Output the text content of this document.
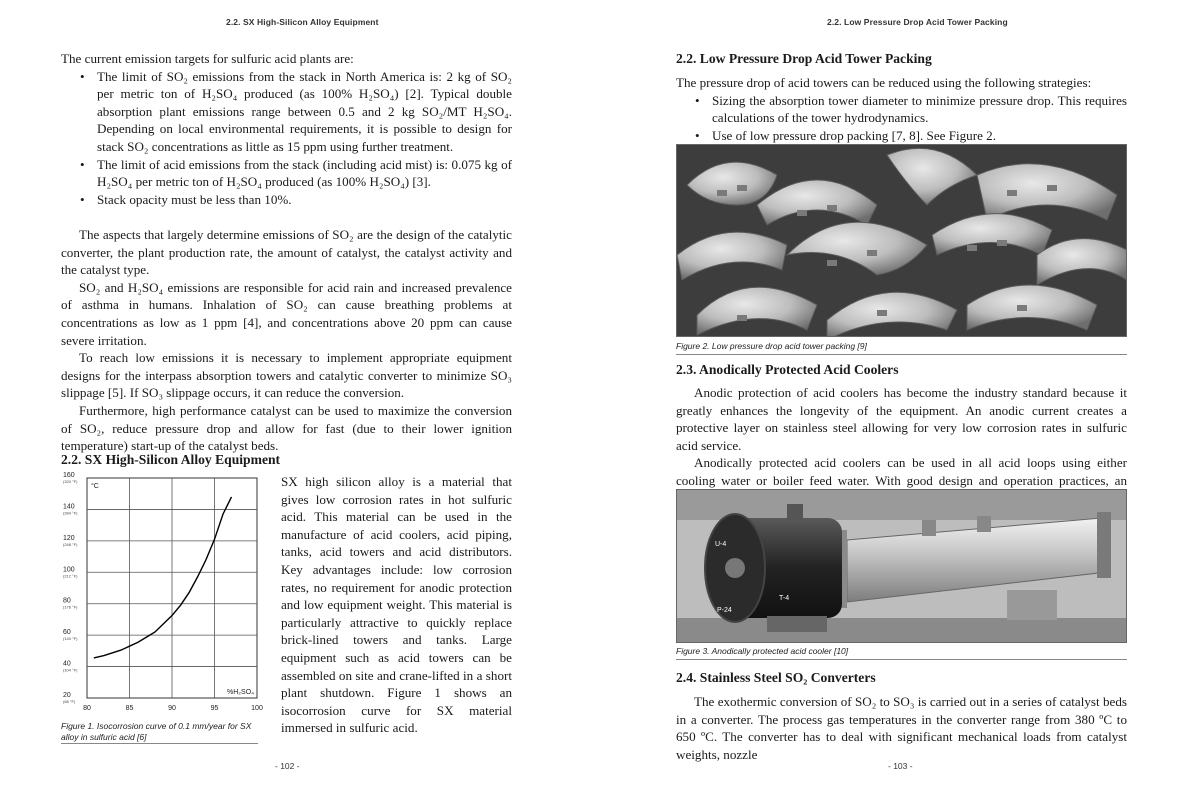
2.2. SX High-Silicon Alloy Equipment

The current emission targets for sulfuric acid plants are:

• The limit of SO₂ emissions from the stack in North America is: 2 kg of SO₂ per metric ton of H₂SO₄ produced (as 100% H₂SO₄) [2]. Typical double absorption plant emissions range between 0.5 and 2 kg SO₂/MT H₂SO₄. Depending on local environmental requirements, it is possible to design for stack SO₂ concentrations as little as 15 ppm using further treatment.
• The limit of acid emissions from the stack (including acid mist) is: 0.075 kg of H₂SO₄ per metric ton of H₂SO₄ produced (as 100% H₂SO₄) [3].
• Stack opacity must be less than 10%.

The aspects that largely determine emissions of SO₂ are the design of the catalytic converter, the plant production rate, the amount of catalyst, the catalyst activity and the catalyst type.

SO₂ and H₂SO₄ emissions are responsible for acid rain and increased prevalence of asthma in humans. Inhalation of SO₂ can cause breathing problems at concentrations as low as 1 ppm [4], and concentrations above 20 ppm can cause severe irritation.

To reach low emissions it is necessary to implement appropriate equipment designs for the interpass absorption towers and catalytic converter to minimize SO₃ slippage [5]. If SO₃ slippage occurs, it can reduce the conversion.

Furthermore, high performance catalyst can be used to maximize the conversion of SO₂, reduce pressure drop and allow for fast (due to their lower ignition temperature) start-up of the catalyst beds.

2.2. SX High-Silicon Alloy Equipment
20
(68 °F)
40
(104 °F)
60
(140 °F)
80
(176 °F)
100
(212 °F)
120
(248 °F)
140
(284 °F)
160
(320 °F)
80	85	90	95	100
°C
%H₂SO₄
Figure 1. Isocorrosion curve of 0.1 mm/year for SX alloy in sulfuric acid [6]
SX high silicon alloy is a material that gives low corrosion rates in hot sulfuric acid. This material can be used in the manufacture of acid coolers, acid piping, tanks, acid towers and acid distributors. Key advantages include: low corrosion rates, no requirement for anodic protection and low equipment weight. This material is particularly attractive to quickly replace brick-lined towers and tanks. Large equipment such as acid towers can be assembled on site and crane-lifted in a short plant shutdown. Figure 1 shows an isocorrosion curve for SX material immersed in sulfuric acid.
- 102 -
2.2. Low Pressure Drop Acid Tower Packing
2.2. Low Pressure Drop Acid Tower Packing

The pressure drop of acid towers can be reduced using the following strategies:

• Sizing the absorption tower diameter to minimize pressure drop. This requires calculations of the tower hydrodynamics.
• Use of low pressure drop packing [7, 8]. See Figure 2.
Figure 2. Low pressure drop acid tower packing [9]
2.3. Anodically Protected Acid Coolers

Anodic protection of acid coolers has become the industry standard because it greatly enhances the longevity of the equipment. An anodic current creates a protective layer on stainless steel allowing for very low corrosion rates in sulfuric acid service.

Anodically protected acid coolers can be used in all acid loops using either cooling water or boiler feed water. With good design and operation practices, an

U-4
T-4
P-24
Figure 3. Anodically protected acid cooler [10]
2.4. Stainless Steel SO₂ Converters

The exothermic conversion of SO₂ to SO₃ is carried out in a series of catalyst beds in a converter. The process gas temperatures in the converter range from 380 ºC to 650 ºC. The converter has to deal with significant mechanical loads from catalyst weights, nozzle

- 103 -
